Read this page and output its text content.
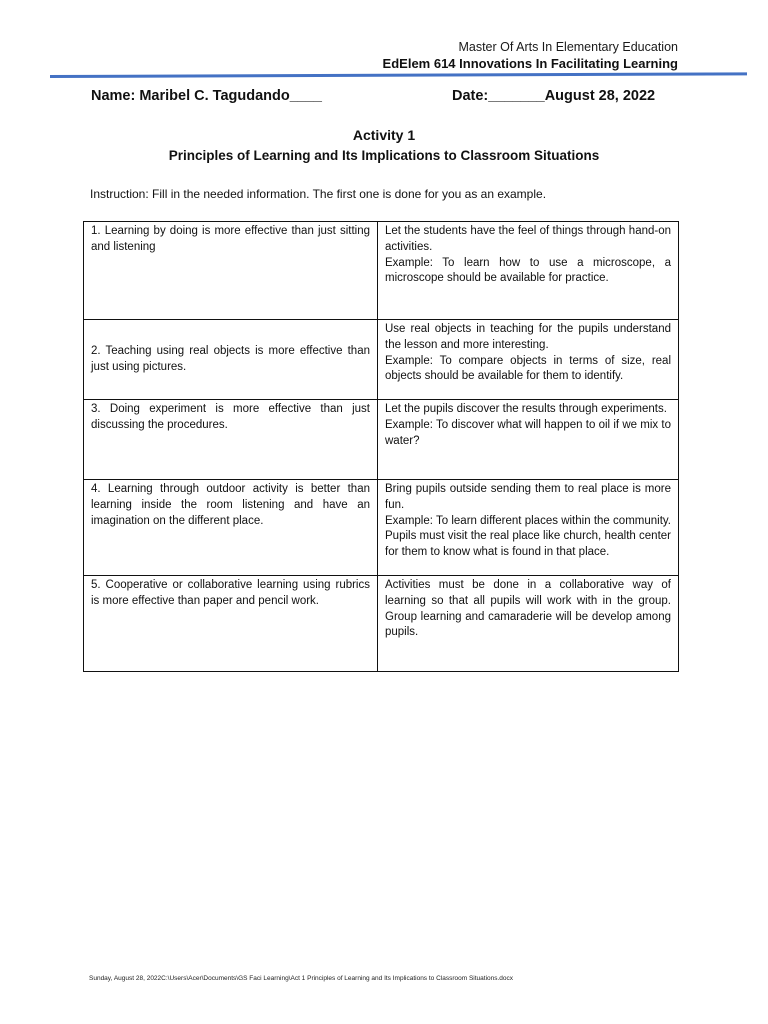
Master Of Arts In Elementary Education
EdElem 614 Innovations In Facilitating Learning
Name: Maribel C. Tagudando____	Date:_______August 28, 2022
Activity 1
Principles of Learning and Its Implications to Classroom Situations
Instruction: Fill in the needed information. The first one is done for you as an example.
1. Learning by doing is more effective than just sitting and listening	Let the students have the feel of things through hand-on activities.
Example: To learn how to use a microscope, a microscope should be available for practice.

2. Teaching using real objects is more effective than just using pictures.	Use real objects in teaching for the pupils understand the lesson and more interesting.
Example: To compare objects in terms of size, real objects should be available for them to identify.

3. Doing experiment is more effective than just discussing the procedures.	Let the pupils discover the results through experiments.
Example: To discover what will happen to oil if we mix to water?

4. Learning through outdoor activity is better than learning inside the room listening and have an imagination on the different place.	Bring pupils outside sending them to real place is more fun.
Example: To learn different places within the community. Pupils must visit the real place like church, health center for them to know what is found in that place.

5. Cooperative or collaborative learning using rubrics is more effective than paper and pencil work.	Activities must be done in a collaborative way of learning so that all pupils will work with in the group. Group learning and camaraderie will be develop among pupils.
Sunday, August 28, 2022C:\Users\Acer\Documents\GS Faci Learning\Act 1 Principles of Learning and Its Implications to Classroom Situations.docx
